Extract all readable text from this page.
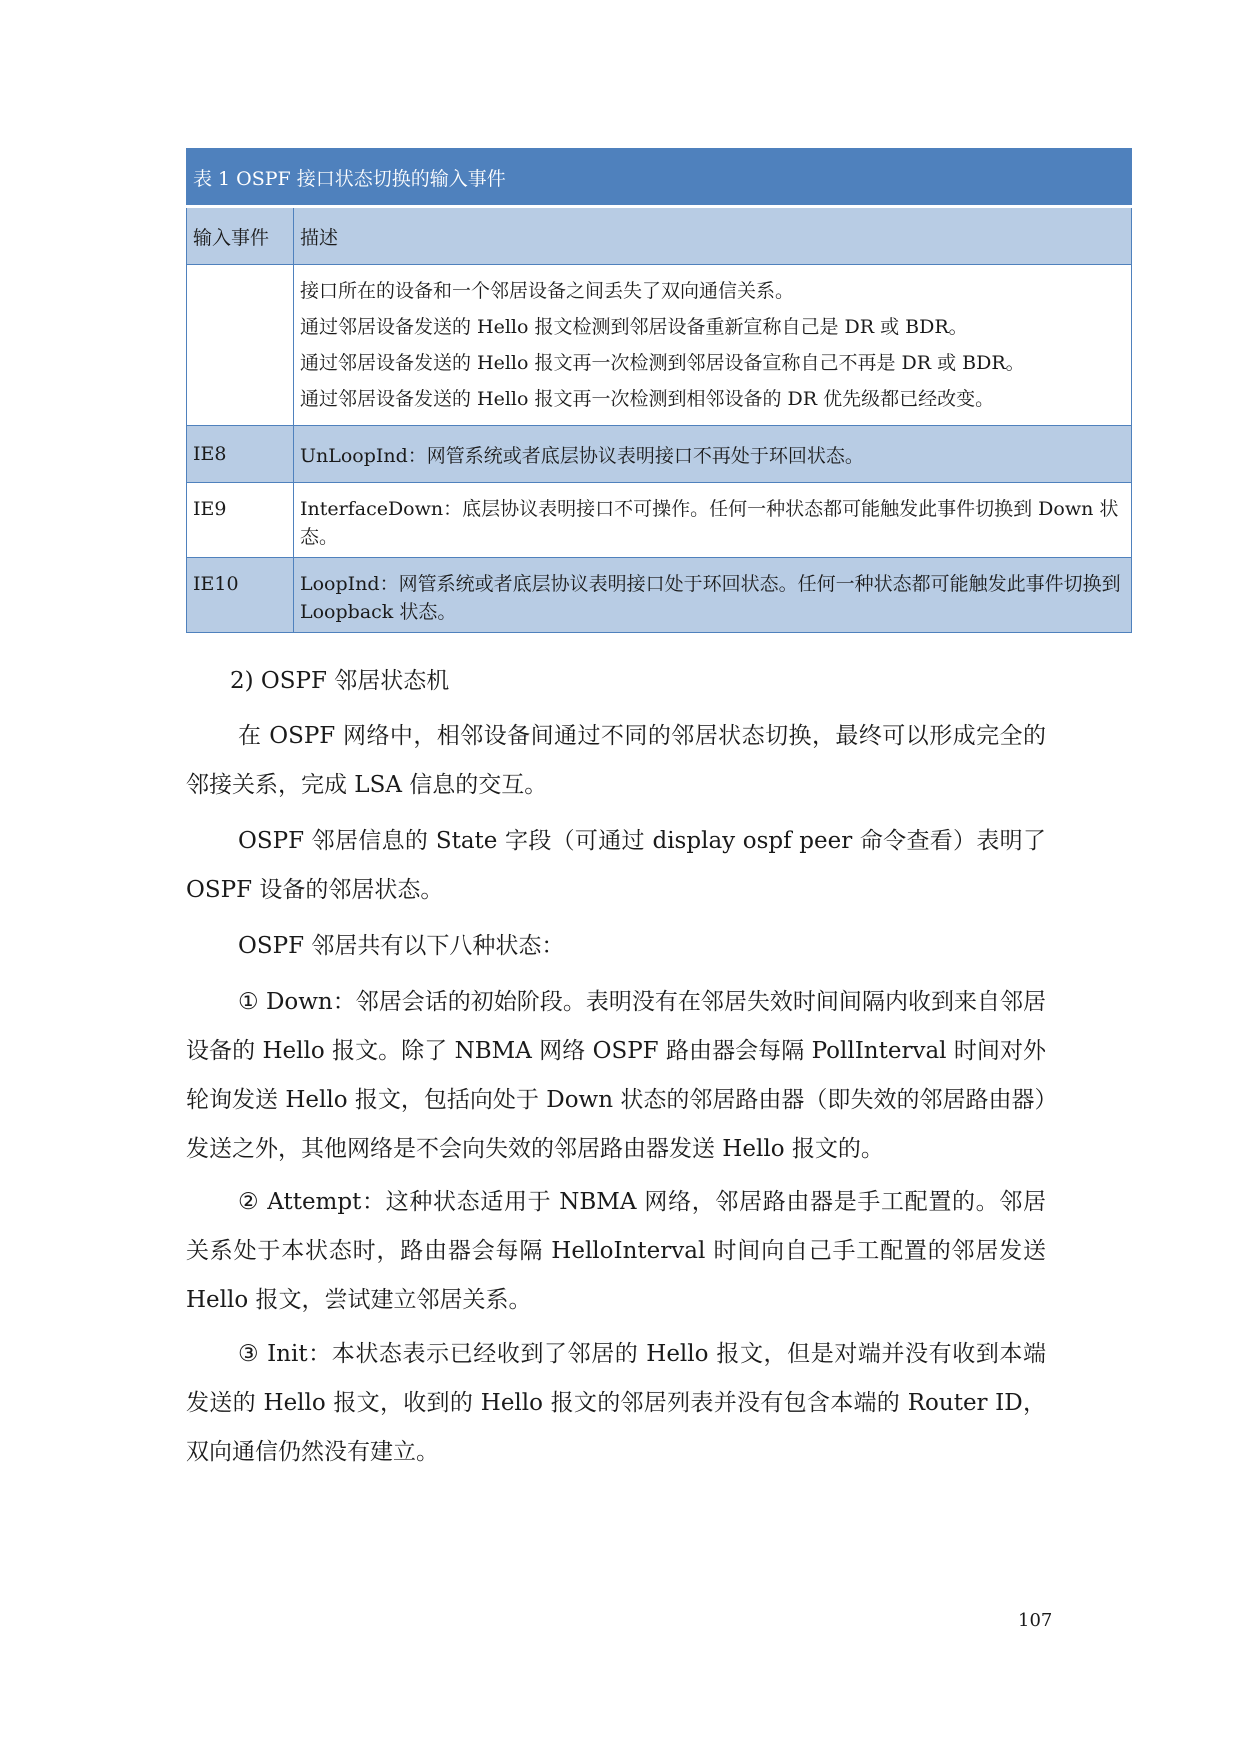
表 1 OSPF 接口状态切换的输入事件	
输入事件	描述

	接口所在的设备和一个邻居设备之间丢失了双向通信关系。
通过邻居设备发送的 Hello 报文检测到邻居设备重新宣称自己是 DR 或 BDR。
通过邻居设备发送的 Hello 报文再一次检测到邻居设备宣称自己不再是 DR 或 BDR。
通过邻居设备发送的 Hello 报文再一次检测到相邻设备的 DR 优先级都已经改变。

IE8	UnLoopInd：网管系统或者底层协议表明接口不再处于环回状态。
IE9	InterfaceDown：底层协议表明接口不可操作。任何一种状态都可能触发此事件切换到 Down 状态。
IE10	LoopInd：网管系统或者底层协议表明接口处于环回状态。任何一种状态都可能触发此事件切换到 Loopback 状态。
2) OSPF 邻居状态机

在 OSPF 网络中，相邻设备间通过不同的邻居状态切换，最终可以形成完全的邻接关系，完成 LSA 信息的交互。

OSPF 邻居信息的 State 字段（可通过 display ospf peer 命令查看）表明了 OSPF 设备的邻居状态。

OSPF 邻居共有以下八种状态：

① Down：邻居会话的初始阶段。表明没有在邻居失效时间间隔内收到来自邻居设备的 Hello 报文。除了 NBMA 网络 OSPF 路由器会每隔 PollInterval 时间对外轮询发送 Hello 报文，包括向处于 Down 状态的邻居路由器（即失效的邻居路由器）发送之外，其他网络是不会向失效的邻居路由器发送 Hello 报文的。

② Attempt：这种状态适用于 NBMA 网络，邻居路由器是手工配置的。邻居关系处于本状态时，路由器会每隔 HelloInterval 时间向自己手工配置的邻居发送 Hello 报文，尝试建立邻居关系。

③ Init：本状态表示已经收到了邻居的 Hello 报文，但是对端并没有收到本端发送的 Hello 报文，收到的 Hello 报文的邻居列表并没有包含本端的 Router ID，双向通信仍然没有建立。

107
